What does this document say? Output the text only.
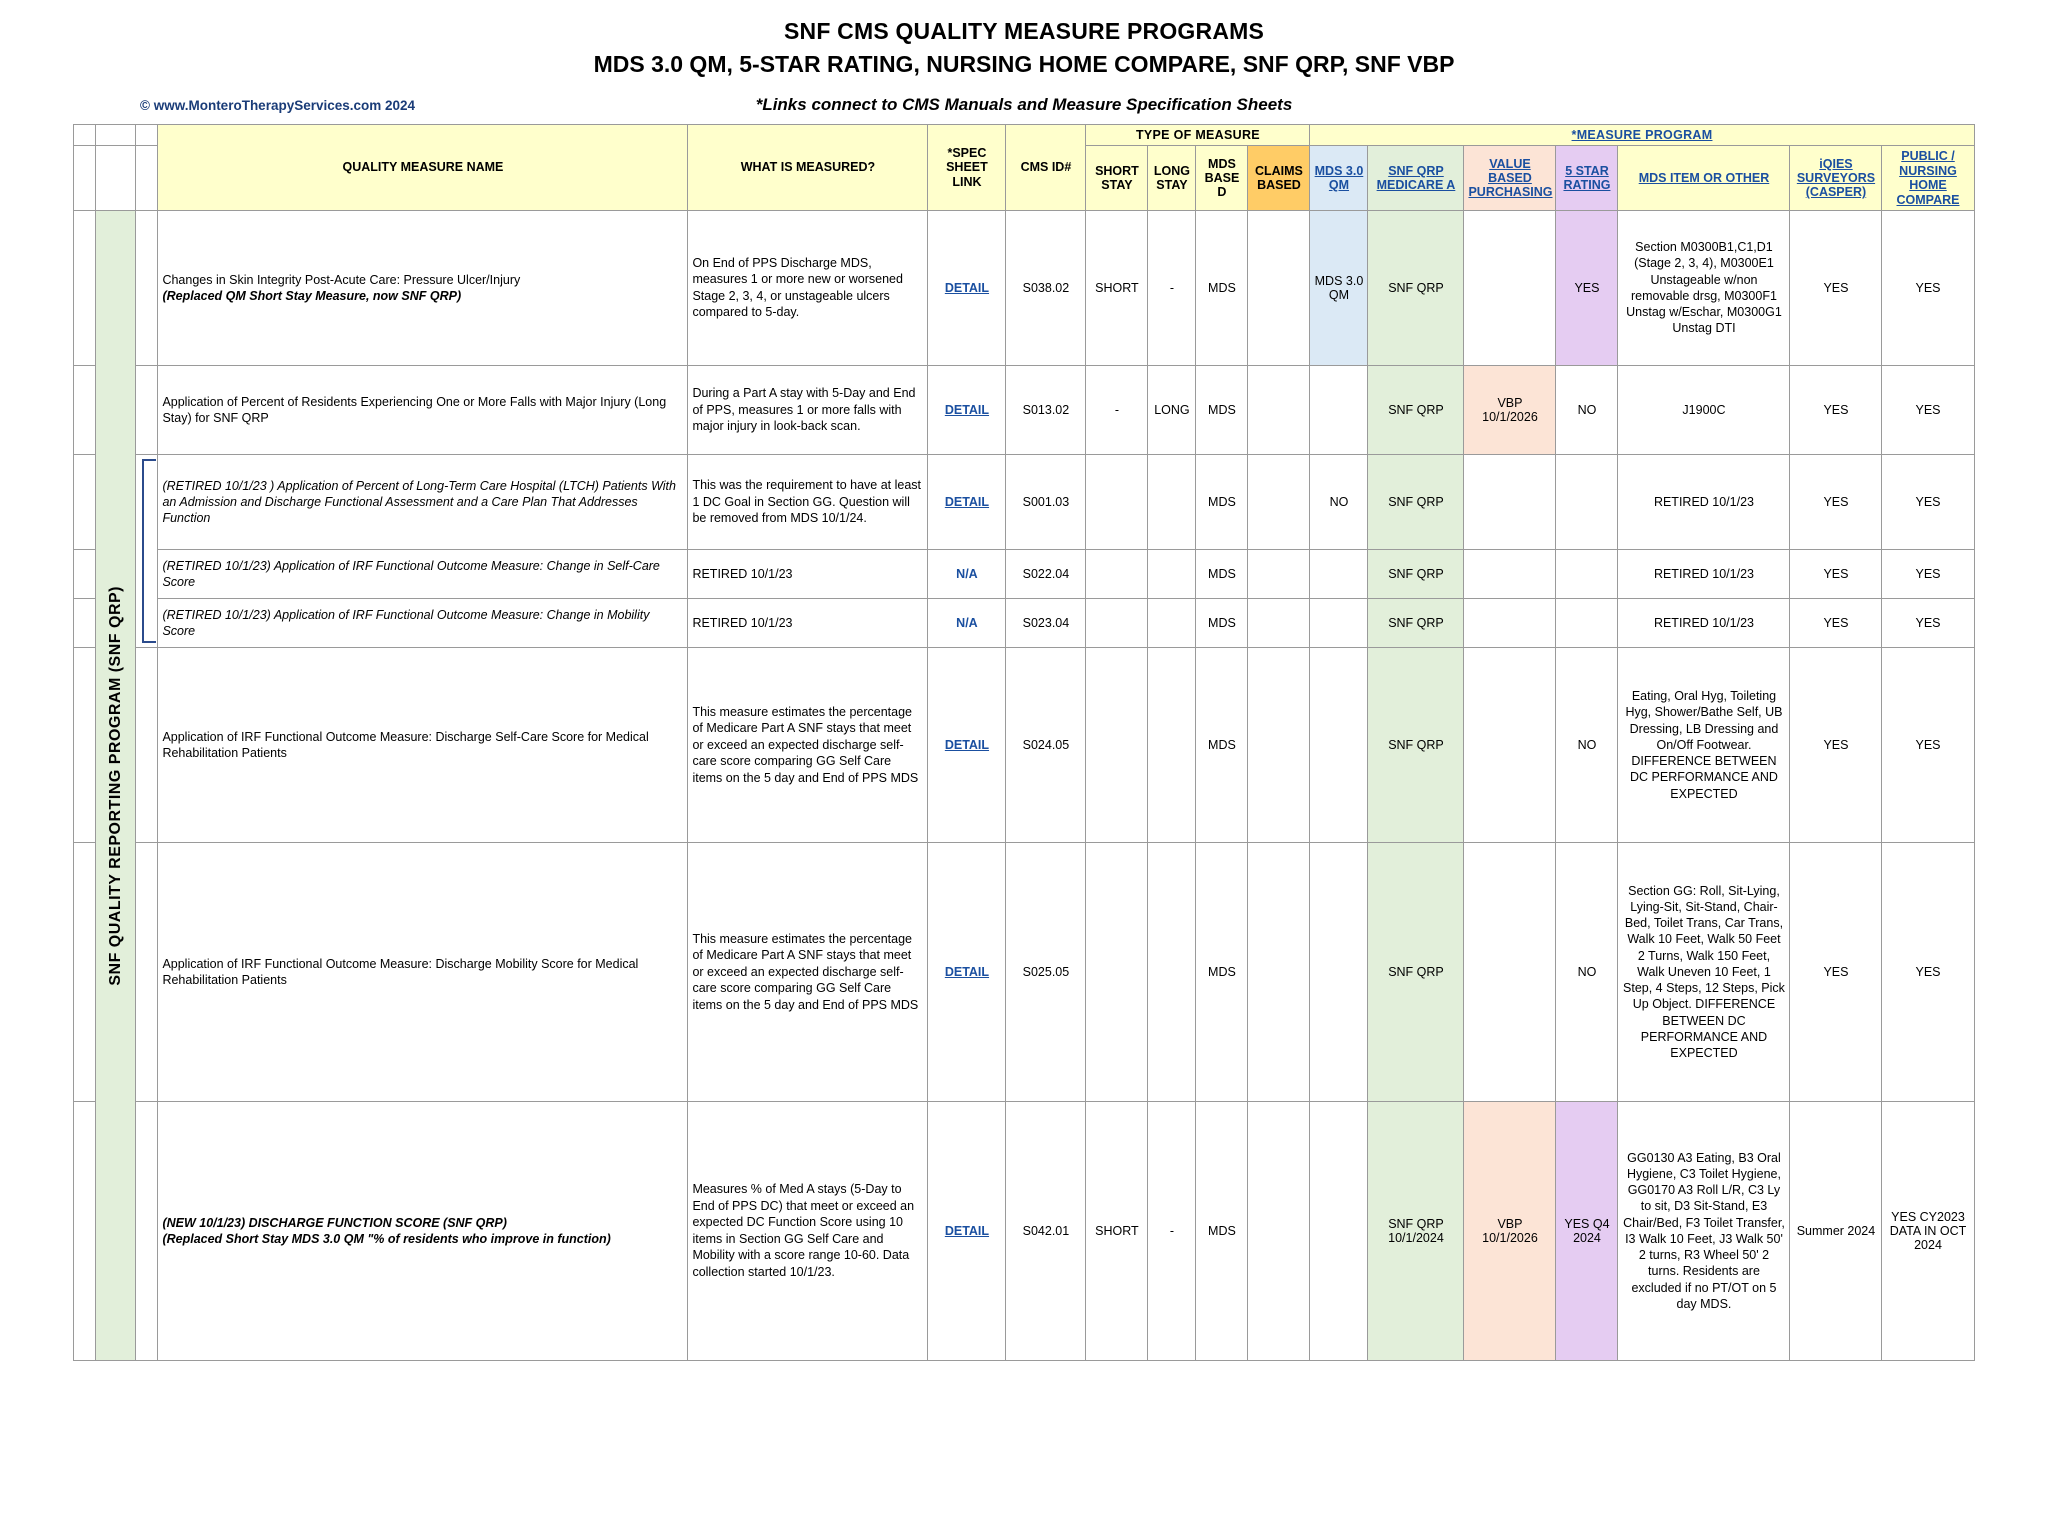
SNF CMS QUALITY MEASURE PROGRAMS
MDS 3.0 QM, 5-STAR RATING, NURSING HOME COMPARE, SNF QRP, SNF VBP
© www.MonteroTherapyServices.com 2024	*Links connect to CMS Manuals and Measure Specification Sheets
			QUALITY MEASURE NAME	WHAT IS MEASURED?	*SPEC SHEET LINK	CMS ID#	TYPE OF MEASURE				*MEASURE PROGRAM						
							SHORT STAY	LONG STAY	MDS BASE D	CLAIMS BASED	MDS 3.0 QM	SNF QRP MEDICARE A	VALUE BASED PURCHASING	5 STAR RATING	MDS ITEM OR OTHER	iQIES SURVEYORS (CASPER)	PUBLIC / NURSING HOME COMPARE

	SNF QUALITY REPORTING PROGRAM (SNF QRP)		Changes in Skin Integrity Post-Acute Care: Pressure Ulcer/Injury
(Replaced QM Short Stay Measure, now SNF QRP)	On End of PPS Discharge MDS, measures 1 or more new or worsened Stage 2, 3, 4, or unstageable ulcers compared to 5-day.	DETAIL	S038.02	SHORT	-	MDS		MDS 3.0 QM	SNF QRP		YES	Section M0300B1,C1,D1 (Stage 2, 3, 4), M0300E1 Unstageable w/non removable drsg, M0300F1 Unstag w/Eschar, M0300G1 Unstag DTI	YES	YES

			Application of Percent of Residents Experiencing One or More Falls with Major Injury (Long Stay) for SNF QRP	During a Part A stay with 5-Day and End of PPS, measures 1 or more falls with major injury in look-back scan.	DETAIL	S013.02	-	LONG	MDS			SNF QRP	VBP 10/1/2026	NO	J1900C	YES	YES

			(RETIRED 10/1/23 ) Application of Percent of Long-Term Care Hospital (LTCH) Patients With an Admission and Discharge Functional Assessment and a Care Plan That Addresses Function	This was the requirement to have at least 1 DC Goal in Section GG. Question will be removed from MDS 10/1/24.	DETAIL	S001.03			MDS		NO	SNF QRP			RETIRED 10/1/23	YES	YES

			(RETIRED 10/1/23) Application of IRF Functional Outcome Measure: Change in Self-Care Score	RETIRED 10/1/23	N/A	S022.04			MDS			SNF QRP			RETIRED 10/1/23	YES	YES

			(RETIRED 10/1/23) Application of IRF Functional Outcome Measure: Change in Mobility Score	RETIRED 10/1/23	N/A	S023.04			MDS			SNF QRP			RETIRED 10/1/23	YES	YES

			Application of IRF Functional Outcome Measure: Discharge Self-Care Score for Medical Rehabilitation Patients	This measure estimates the percentage of Medicare Part A SNF stays that meet or exceed an expected discharge self-care score comparing GG Self Care items on the 5 day and End of PPS MDS	DETAIL	S024.05			MDS			SNF QRP		NO	Eating, Oral Hyg, Toileting Hyg, Shower/Bathe Self, UB Dressing, LB Dressing and On/Off Footwear. DIFFERENCE BETWEEN DC PERFORMANCE AND EXPECTED	YES	YES

			Application of IRF Functional Outcome Measure: Discharge Mobility Score for Medical Rehabilitation Patients	This measure estimates the percentage of Medicare Part A SNF stays that meet or exceed an expected discharge self-care score comparing GG Self Care items on the 5 day and End of PPS MDS	DETAIL	S025.05			MDS			SNF QRP		NO	Section GG: Roll, Sit-Lying, Lying-Sit, Sit-Stand, Chair-Bed, Toilet Trans, Car Trans, Walk 10 Feet, Walk 50 Feet 2 Turns, Walk 150 Feet, Walk Uneven 10 Feet, 1 Step, 4 Steps, 12 Steps, Pick Up Object. DIFFERENCE BETWEEN DC PERFORMANCE AND EXPECTED	YES	YES

(NEW 10/1/23) DISCHARGE FUNCTION SCORE (SNF QRP)
(Replaced Short Stay MDS 3.0 QM "% of residents who improve in function)
	Measures % of Med A stays (5-Day to End of PPS DC) that meet or exceed an expected DC Function Score using 10 items in Section GG Self Care and Mobility with a score range 10-60. Data collection started 10/1/23.	DETAIL	S042.01	SHORT	-	MDS			SNF QRP 10/1/2024	VBP 10/1/2026	YES Q4 2024	GG0130 A3 Eating, B3 Oral Hygiene, C3 Toilet Hygiene, GG0170 A3 Roll L/R, C3 Ly to sit, D3 Sit-Stand, E3 Chair/Bed, F3 Toilet Transfer, I3 Walk 10 Feet, J3 Walk 50' 2 turns, R3 Wheel 50' 2 turns. Residents are excluded if no PT/OT on 5 day MDS.	Summer 2024	YES CY2023 DATA IN OCT 2024
